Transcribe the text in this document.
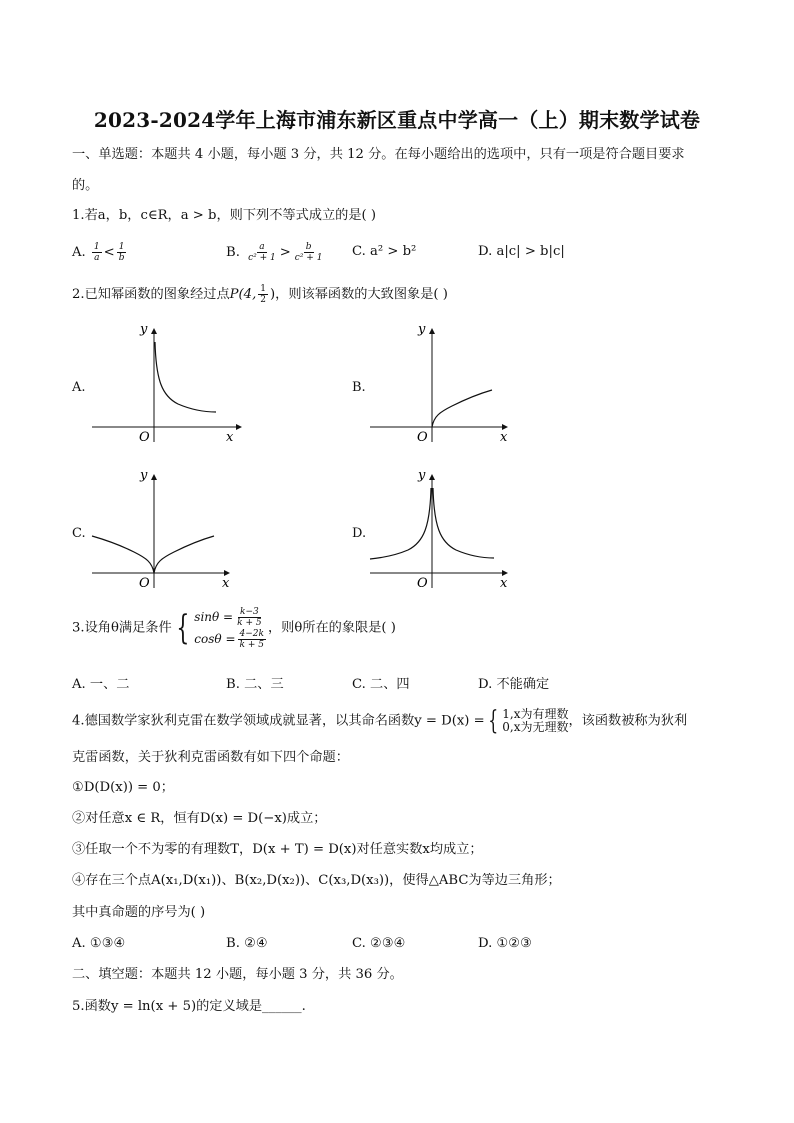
2023-2024学年上海市浦东新区重点中学高一（上）期末数学试卷
一、单选题：本题共 4 小题，每小题 3 分，共 12 分。在每小题给出的选项中，只有一项是符合题目要求
的。
1.若a，b，c∈R，a > b，则下列不等式成立的是( )
A. $\frac{1}{a} < \frac{1}{b}$	B. $\frac{a}{\text{c² + 1}} > \frac{b}{\text{c² + 1}} C$. a² > b²	D. a|c| > b|c|
2.已知幂函数的图象经过点P(4, $\frac{1}{2}$ )，则该幂函数的大致图象是( )
A.
y
x
O
B.
y
x
O
C.
y
x
O
D.
y
x
O
3.设角θ满足条件 { $\sin\theta = \frac{k-3}{k + 5}$
$\cos\theta = \frac{4-2k}{k + 5}$
，则θ所在的象限是( )
A. 一、二	B. 二、三	C. 二、四	D. 不能确定
4.德国数学家狄利克雷在数学领域成就显著，以其命名函数y = D(x) = { 1,x为有理数
0,x为无理数 ，该函数被称为狄利
克雷函数，关于狄利克雷函数有如下四个命题：
①D(D(x)) = 0；
②对任意x ∈ R，恒有D(x) = D(−x)成立；
③任取一个不为零的有理数T，D(x + T) = D(x)对任意实数x均成立；
④存在三个点A(x₁,D(x₁))、B(x₂,D(x₂))、C(x₃,D(x₃))，使得△ABC为等边三角形；
其中真命题的序号为( )
A. ①③④	B. ②④	C. ②③④	D. ①②③
二、填空题：本题共 12 小题，每小题 3 分，共 36 分。
5.函数y = ln(x + 5)的定义域是______.
